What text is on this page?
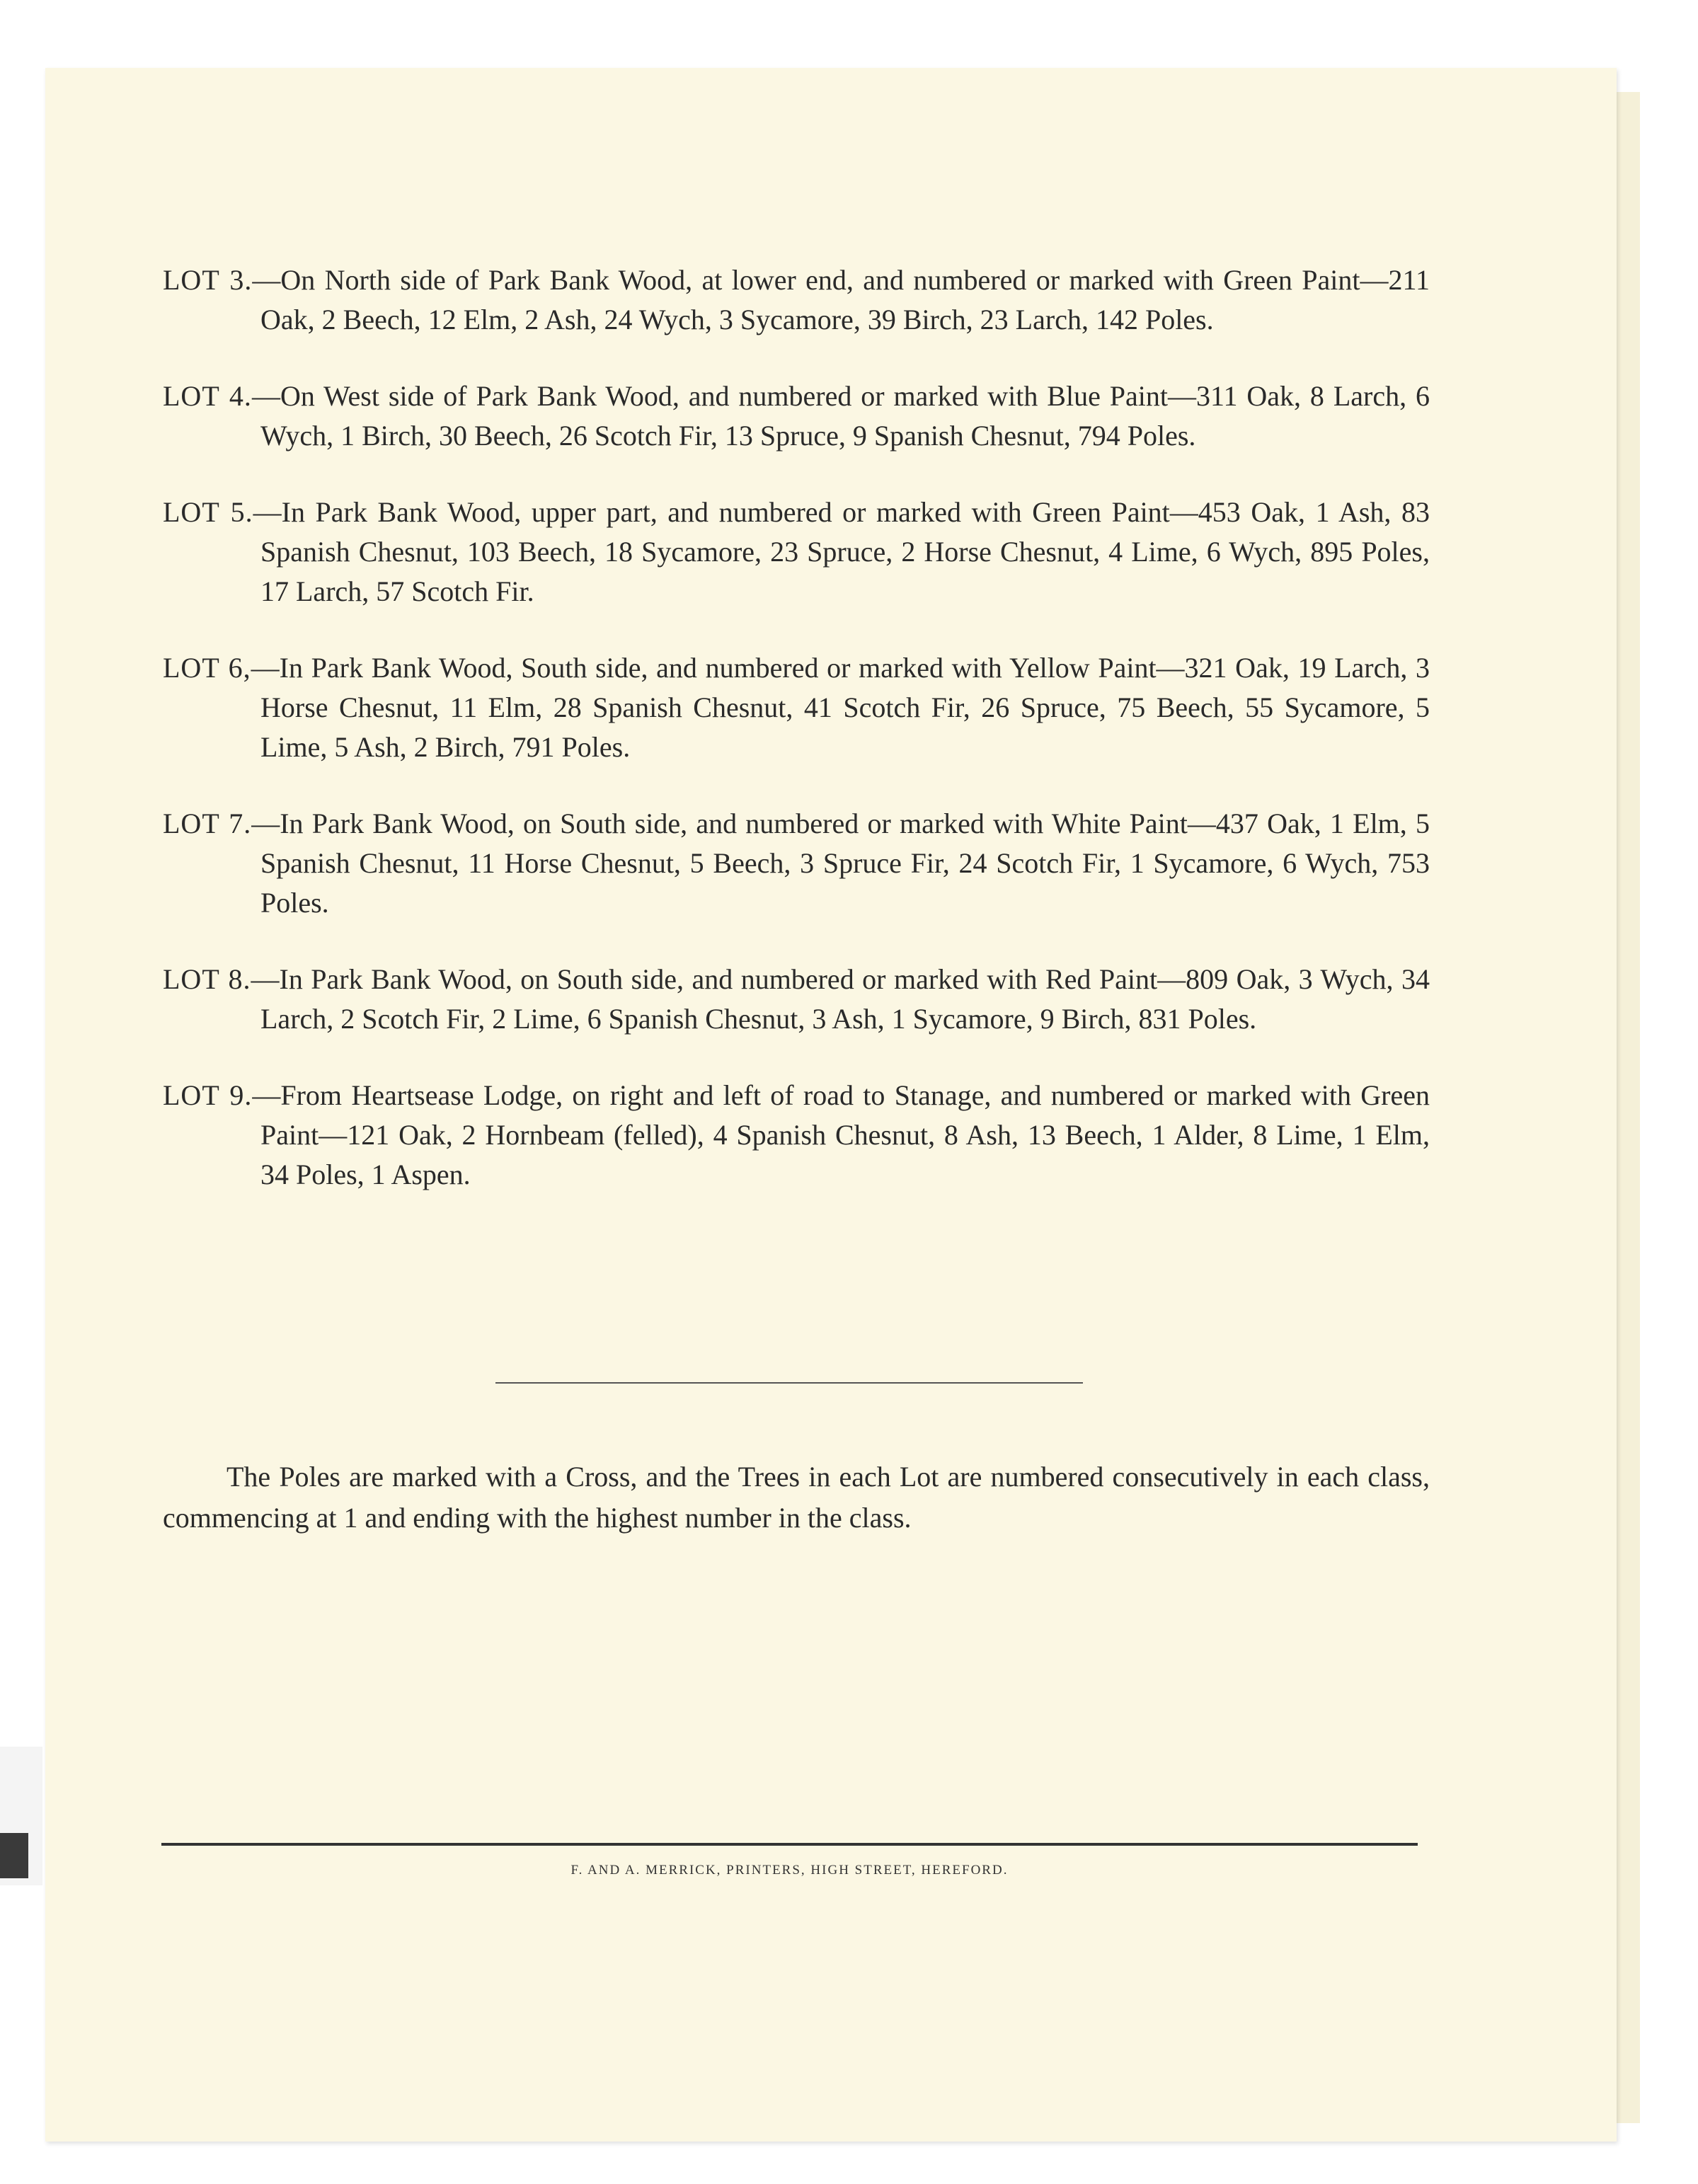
LOT 3.—On North side of Park Bank Wood, at lower end, and numbered or marked with Green Paint—211 Oak, 2 Beech, 12 Elm, 2 Ash, 24 Wych, 3 Sycamore, 39 Birch, 23 Larch, 142 Poles.

LOT 4.—On West side of Park Bank Wood, and numbered or marked with Blue Paint—311 Oak, 8 Larch, 6 Wych, 1 Birch, 30 Beech, 26 Scotch Fir, 13 Spruce, 9 Spanish Chesnut, 794 Poles.

LOT 5.—In Park Bank Wood, upper part, and numbered or marked with Green Paint—453 Oak, 1 Ash, 83 Spanish Chesnut, 103 Beech, 18 Sycamore, 23 Spruce, 2 Horse Chesnut, 4 Lime, 6 Wych, 895 Poles, 17 Larch, 57 Scotch Fir.

LOT 6,—In Park Bank Wood, South side, and numbered or marked with Yellow Paint—321 Oak, 19 Larch, 3 Horse Chesnut, 11 Elm, 28 Spanish Chesnut, 41 Scotch Fir, 26 Spruce, 75 Beech, 55 Sycamore, 5 Lime, 5 Ash, 2 Birch, 791 Poles.

LOT 7.—In Park Bank Wood, on South side, and numbered or marked with White Paint—437 Oak, 1 Elm, 5 Spanish Chesnut, 11 Horse Chesnut, 5 Beech, 3 Spruce Fir, 24 Scotch Fir, 1 Sycamore, 6 Wych, 753 Poles.

LOT 8.—In Park Bank Wood, on South side, and numbered or marked with Red Paint—809 Oak, 3 Wych, 34 Larch, 2 Scotch Fir, 2 Lime, 6 Spanish Chesnut, 3 Ash, 1 Sycamore, 9 Birch, 831 Poles.

LOT 9.—From Heartsease Lodge, on right and left of road to Stanage, and numbered or marked with Green Paint—121 Oak, 2 Hornbeam (felled), 4 Spanish Chesnut, 8 Ash, 13 Beech, 1 Alder, 8 Lime, 1 Elm, 34 Poles, 1 Aspen.

The Poles are marked with a Cross, and the Trees in each Lot are numbered consecutively in each class, commencing at 1 and ending with the highest number in the class.

F. AND A. MERRICK, PRINTERS, HIGH STREET, HEREFORD.
